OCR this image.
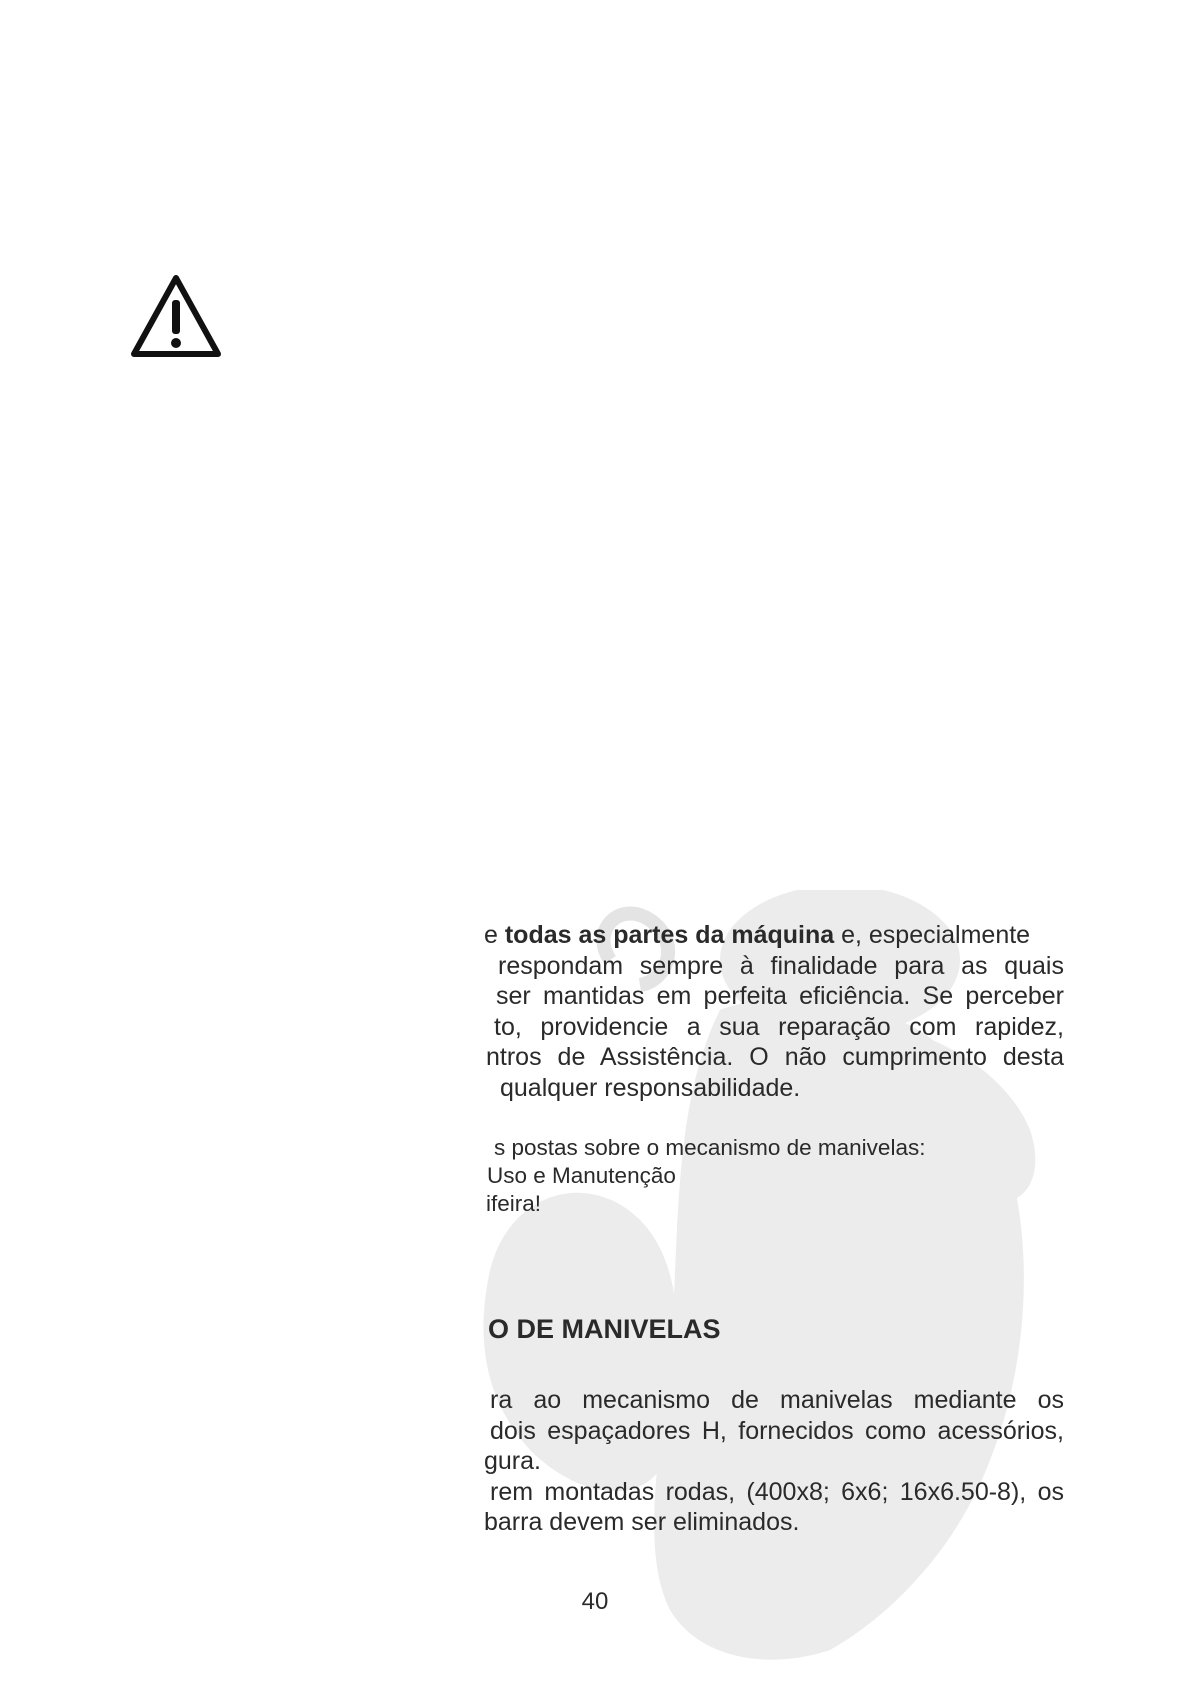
e todas as partes da máquina e, especialmente
respondam sempre à finalidade para as quais
ser mantidas em perfeita eficiência. Se perceber
to, providencie a sua reparação com rapidez,
ntros de Assistência. O não cumprimento desta
qualquer responsabilidade.
s postas sobre o mecanismo de manivelas:
Uso e Manutenção
ifeira!
O DE MANIVELAS
ra ao mecanismo de manivelas mediante os
dois espaçadores H, fornecidos como acessórios,
gura.
rem montadas rodas, (400x8; 6x6; 16x6.50-8), os
barra devem ser eliminados.
40
